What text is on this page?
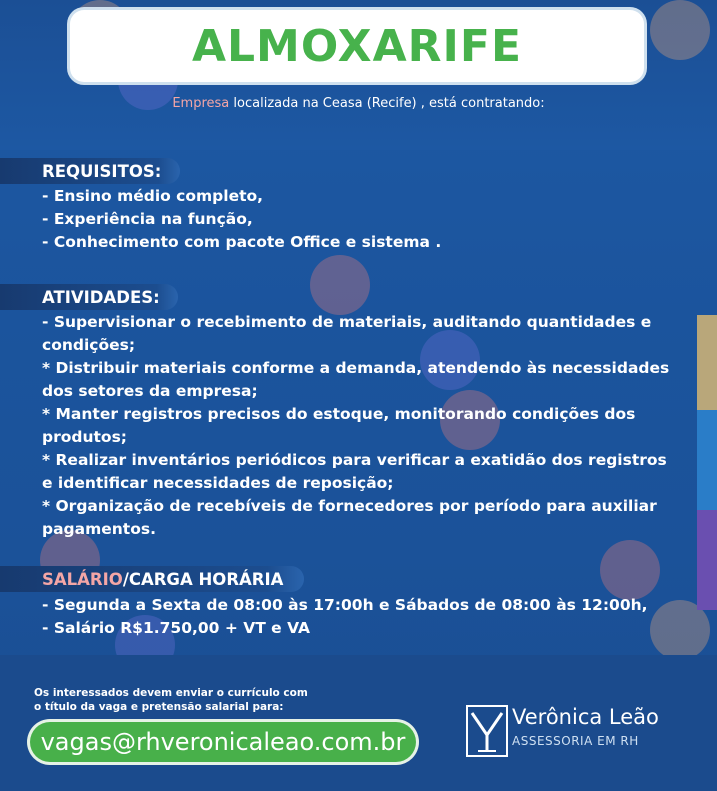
ALMOXARIFE
Empresa localizada na Ceasa (Recife) , está contratando:
REQUISITOS:
- Ensino médio completo,
- Experiência na função,
- Conhecimento com pacote Office e sistema .
ATIVIDADES:
- Supervisionar o recebimento de materiais, auditando quantidades e condições;
* Distribuir materiais conforme a demanda, atendendo às necessidades dos setores da empresa;
* Manter registros precisos do estoque, monitorando condições dos produtos;
* Realizar inventários periódicos para verificar a exatidão dos registros e identificar necessidades de reposição;
* Organização de recebíveis de fornecedores por período para auxiliar pagamentos.
SALÁRIO /CARGA HORÁRIA
- Segunda a Sexta de 08:00 às 17:00h e Sábados de 08:00 às 12:00h,
- Salário R$1.750,00 + VT e VA
Os interessados devem enviar o currículo com
o título da vaga e pretensão salarial para:
vagas@rhveronicaleao.com.br
Verônica Leão
ASSESSORIA EM RH
